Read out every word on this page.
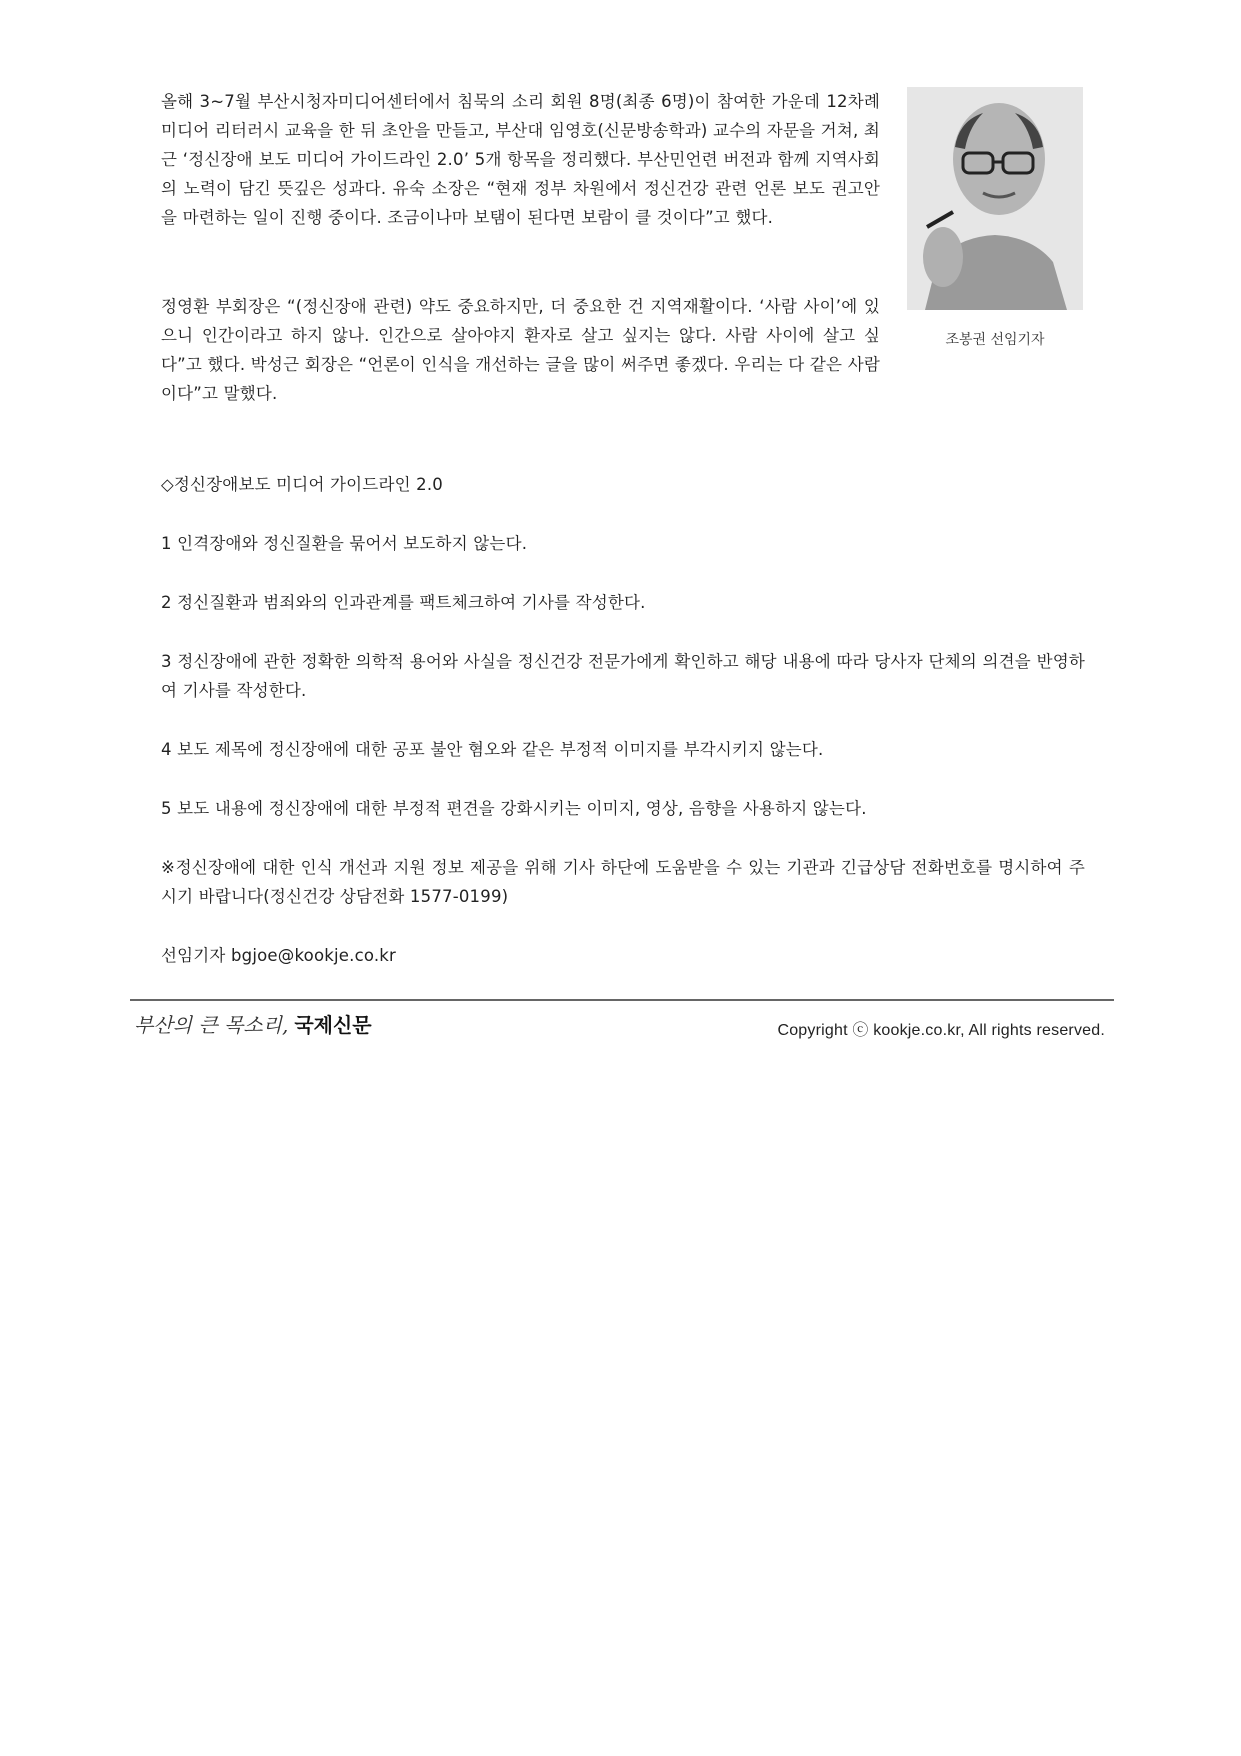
올해 3~7월 부산시청자미디어센터에서 침묵의 소리 회원 8명(최종 6명)이 참여한 가운데 12차례 미디어 리터러시 교육을 한 뒤 초안을 만들고, 부산대 임영호(신문방송학과) 교수의 자문을 거쳐, 최근 ‘정신장애 보도 미디어 가이드라인 2.0’ 5개 항목을 정리했다. 부산민언련 버전과 함께 지역사회의 노력이 담긴 뜻깊은 성과다. 유숙 소장은 “현재 정부 차원에서 정신건강 관련 언론 보도 권고안을 마련하는 일이 진행 중이다. 조금이나마 보탬이 된다면 보람이 클 것이다”고 했다.

조봉권 선임기자

정영환 부회장은 “(정신장애 관련) 약도 중요하지만, 더 중요한 건 지역재활이다. ‘사람 사이’에 있으니 인간이라고 하지 않나. 인간으로 살아야지 환자로 살고 싶지는 않다. 사람 사이에 살고 싶다”고 했다. 박성근 회장은 “언론이 인식을 개선하는 글을 많이 써주면 좋겠다. 우리는 다 같은 사람이다”고 말했다.

◇정신장애보도 미디어 가이드라인 2.0

1 인격장애와 정신질환을 묶어서 보도하지 않는다.

2 정신질환과 범죄와의 인과관계를 팩트체크하여 기사를 작성한다.

3 정신장애에 관한 정확한 의학적 용어와 사실을 정신건강 전문가에게 확인하고 해당 내용에 따라 당사자 단체의 의견을 반영하여 기사를 작성한다.

4 보도 제목에 정신장애에 대한 공포 불안 혐오와 같은 부정적 이미지를 부각시키지 않는다.

5 보도 내용에 정신장애에 대한 부정적 편견을 강화시키는 이미지, 영상, 음향을 사용하지 않는다.

※정신장애에 대한 인식 개선과 지원 정보 제공을 위해 기사 하단에 도움받을 수 있는 기관과 긴급상담 전화번호를 명시하여 주시기 바랍니다(정신건강 상담전화 1577-0199)

선임기자 bgjoe@kookje.co.kr

부산의 큰 목소리, 국제신문	Copyright ⓒ kookje.co.kr, All rights reserved.
